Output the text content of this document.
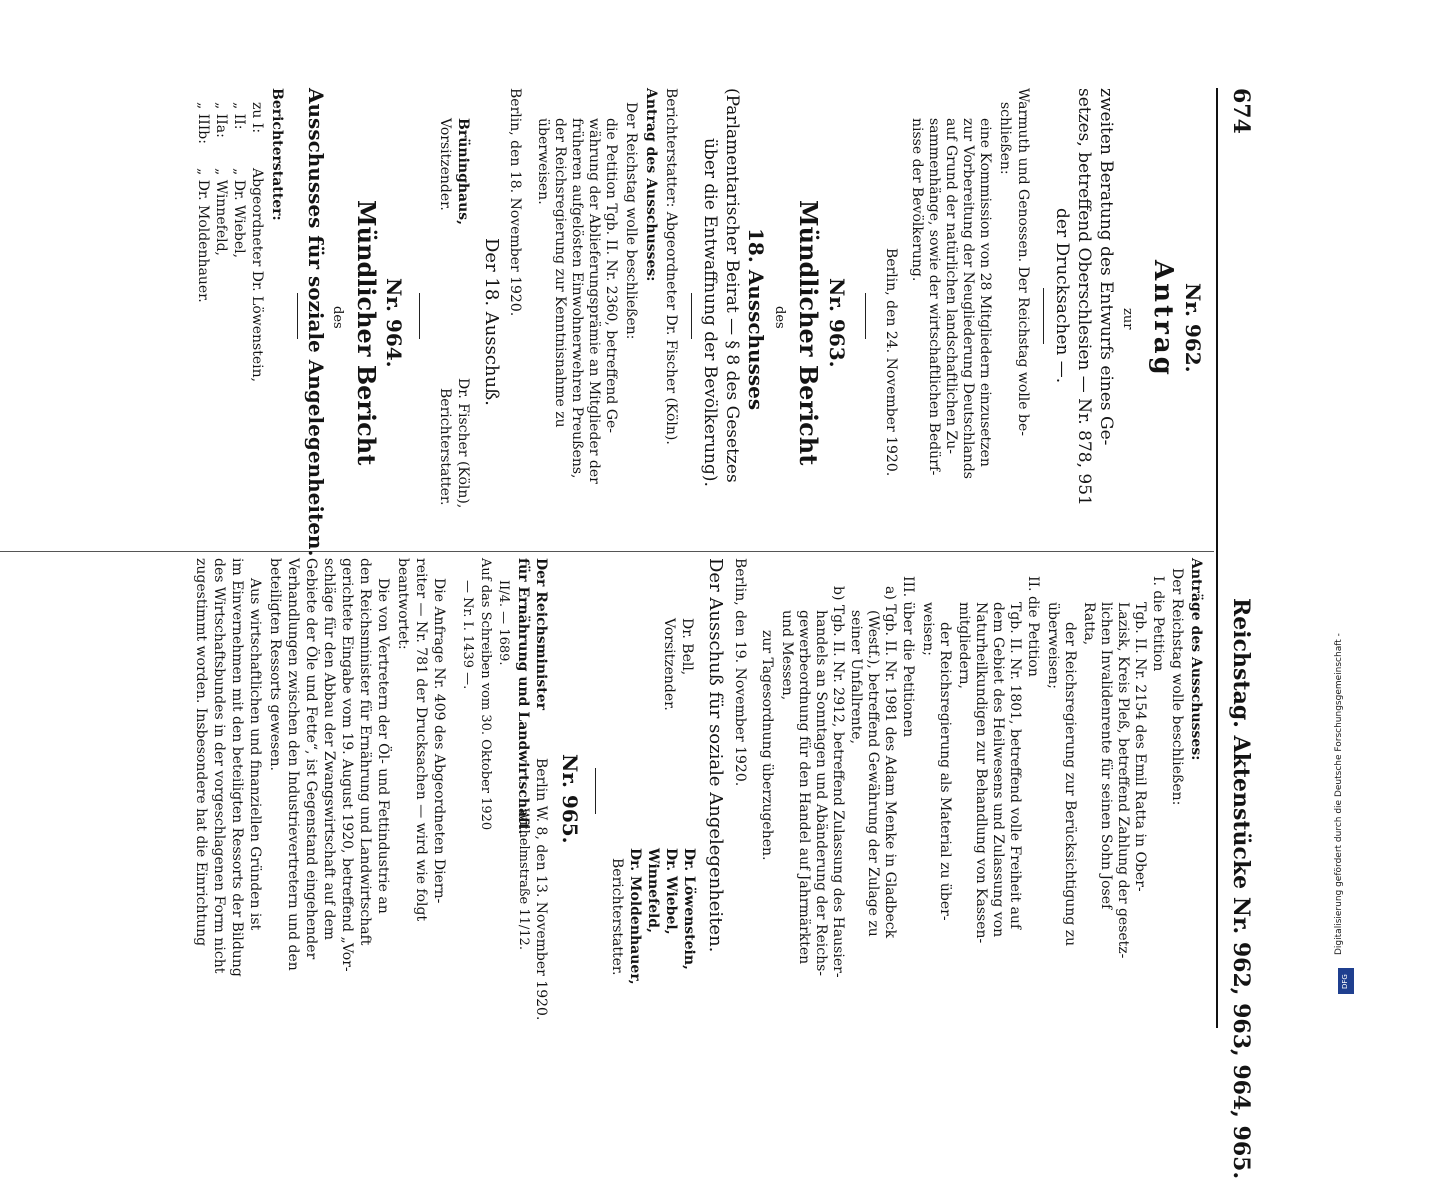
674
Reichstag. Aktenstücke Nr. 962, 963, 964, 965.
Nr. 962.
Antrag
zur
zweiten Beratung des Entwurfs eines Ge-
setzes, betreffend Oberschlesien — Nr. 878, 951
der Drucksachen —.
Warmuth und Genossen. Der Reichstag wolle be-
schließen:
eine Kommission von 28 Mitgliedern einzusetzen
zur Vorbereitung der Neugliederung Deutschlands
auf Grund der natürlichen landschaftlichen Zu-
sammenhänge, sowie der wirtschaftlichen Bedürf-
nisse der Bevölkerung.
Berlin, den 24. November 1920.
Nr. 963.
Mündlicher Bericht
des
18. Ausschusses
(Parlamentarischer Beirat — § 8 des Gesetzes
über die Entwaffnung der Bevölkerung).
Berichterstatter: Abgeordneter Dr. Fischer (Köln).
Antrag des Ausschusses:
Der Reichstag wolle beschließen:
die Petition Tgb. II. Nr. 2360, betreffend Ge-
währung der Ablieferungsprämie an Mitglieder der
früheren aufgelösten Einwohnerwehren Preußens,
der Reichsregierung zur Kenntnisnahme zu
überweisen.
Berlin, den 18. November 1920.
Der 18. Ausschuß.
Brüninghaus,
Vorsitzender.
Dr. Fischer (Köln),
Berichterstatter.
Nr. 964.
Mündlicher Bericht
des
Ausschusses für soziale Angelegenheiten.
Berichterstatter:
zu I:
Abgeordneter Dr. Löwenstein,
„ II:
„ Dr. Wiebel,
„ IIa:
„ Winnefeld,
„ IIIb:
„ Dr. Moldenhauer.
Anträge des Ausschusses:
Der Reichstag wolle beschließen:
I. die Petition
Tgb. II. Nr. 2154 des Emil Ratta in Ober-
Lazisk, Kreis Pleß, betreffend Zahlung der gesetz-
lichen Invalidenrente für seinen Sohn Josef
Ratta,
der Reichsregierung zur Berücksichtigung zu
überweisen;
II. die Petition
Tgb. II. Nr. 1801, betreffend volle Freiheit auf
dem Gebiet des Heilwesens und Zulassung von
Naturheilkundigen zur Behandlung von Kassen-
mitgliedern,
der Reichsregierung als Material zu über-
weisen;
III. über die Petitionen
a) Tgb. II. Nr. 1981 des Adam Menke in Gladbeck
(Westf.), betreffend Gewährung der Zulage zu
seiner Unfallrente,
b) Tgb. II. Nr. 2912, betreffend Zulassung des Hausier-
handels an Sonntagen und Abänderung der Reichs-
gewerbeordnung für den Handel auf Jahrmärkten
und Messen,
zur Tagesordnung überzugehen.
Berlin, den 19. November 1920.
Der Ausschuß für soziale Angelegenheiten.
Dr. Bell,
Vorsitzender.
Dr. Löwenstein,
Dr. Wiebel,
Winnefeld,
Dr. Moldenhauer,
Berichterstatter.
Nr. 965.
Der Reichsminister
für Ernährung und Landwirtschaft.
II/4. — 1689.
Auf das Schreiben vom 30. Oktober 1920
— Nr. I. 1439 —.
Berlin W. 8, den 13. November 1920.
Wilhelmstraße 11/12.
Die Anfrage Nr. 409 des Abgeordneten Diern-
reiter — Nr. 781 der Drucksachen — wird wie folgt
beantwortet:
Die von Vertretern der Öl- und Fettindustrie an
den Reichsminister für Ernährung und Landwirtschaft
gerichtete Eingabe vom 19. August 1920, betreffend „Vor-
schläge für den Abbau der Zwangswirtschaft auf dem
Gebiete der Öle und Fette“, ist Gegenstand eingehender
Verhandlungen zwischen den Industrievertretern und den
beteiligten Ressorts gewesen.
Aus wirtschaftlichen und finanziellen Gründen ist
im Einvernehmen mit den beteiligten Ressorts der Bildung
des Wirtschaftsbundes in der vorgeschlagenen Form nicht
zugestimmt worden. Insbesondere hat die Einrichtung	Digitalisierung gefördert durch die Deutsche Forschungsgemeinschaft -
DFG
